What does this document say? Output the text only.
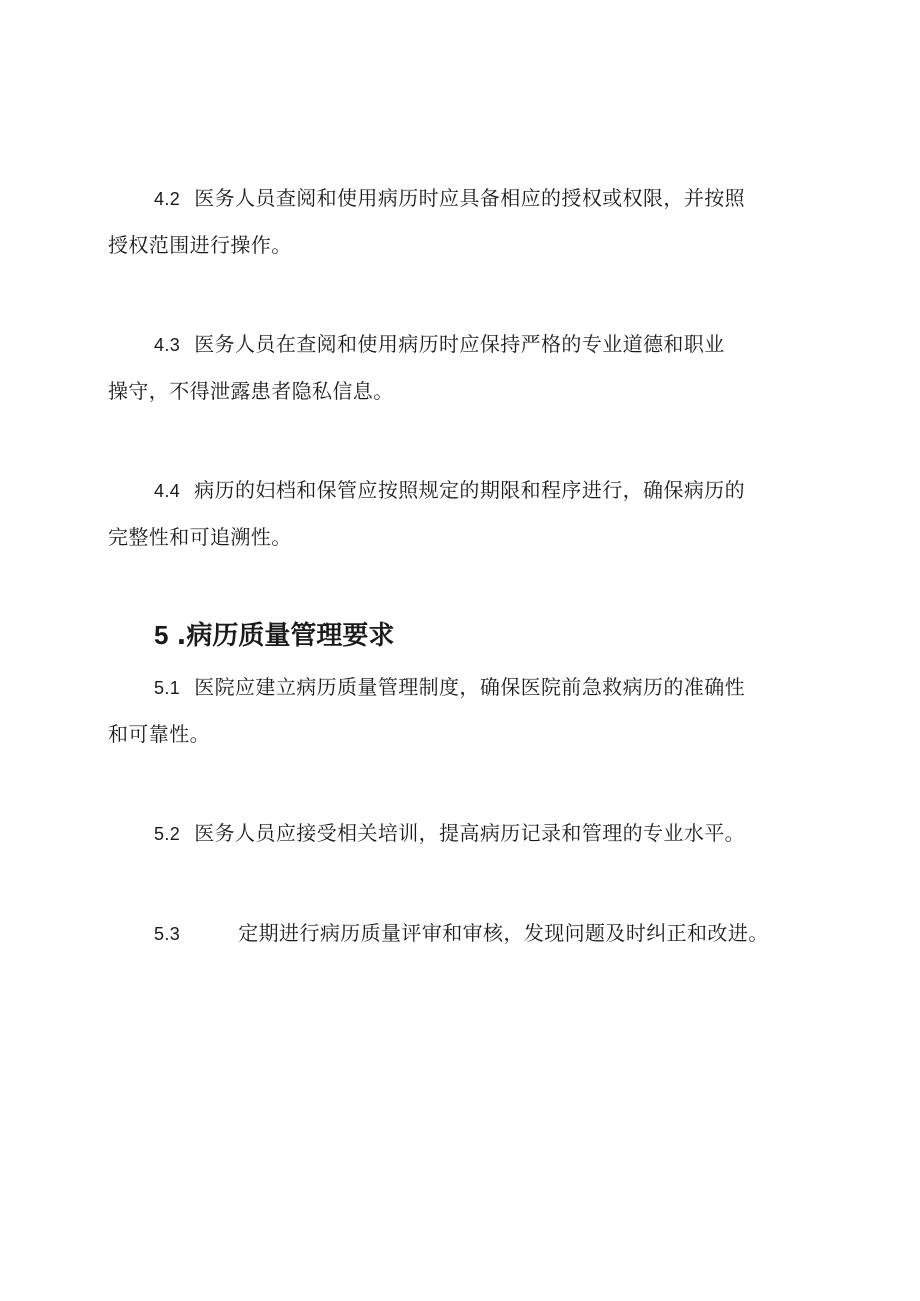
4.2 医务人员查阅和使用病历时应具备相应的授权或权限，并按照
授权范围进行操作。

4.3 医务人员在查阅和使用病历时应保持严格的专业道德和职业
操守，不得泄露患者隐私信息。

4.4 病历的妇档和保管应按照规定的期限和程序进行，确保病历的
完整性和可追溯性。

5 .病历质量管理要求

5.1 医院应建立病历质量管理制度，确保医院前急救病历的准确性
和可靠性。

5.2 医务人员应接受相关培训，提高病历记录和管理的专业水平。

5.3	定期进行病历质量评审和审核，发现问题及时纠正和改进。
